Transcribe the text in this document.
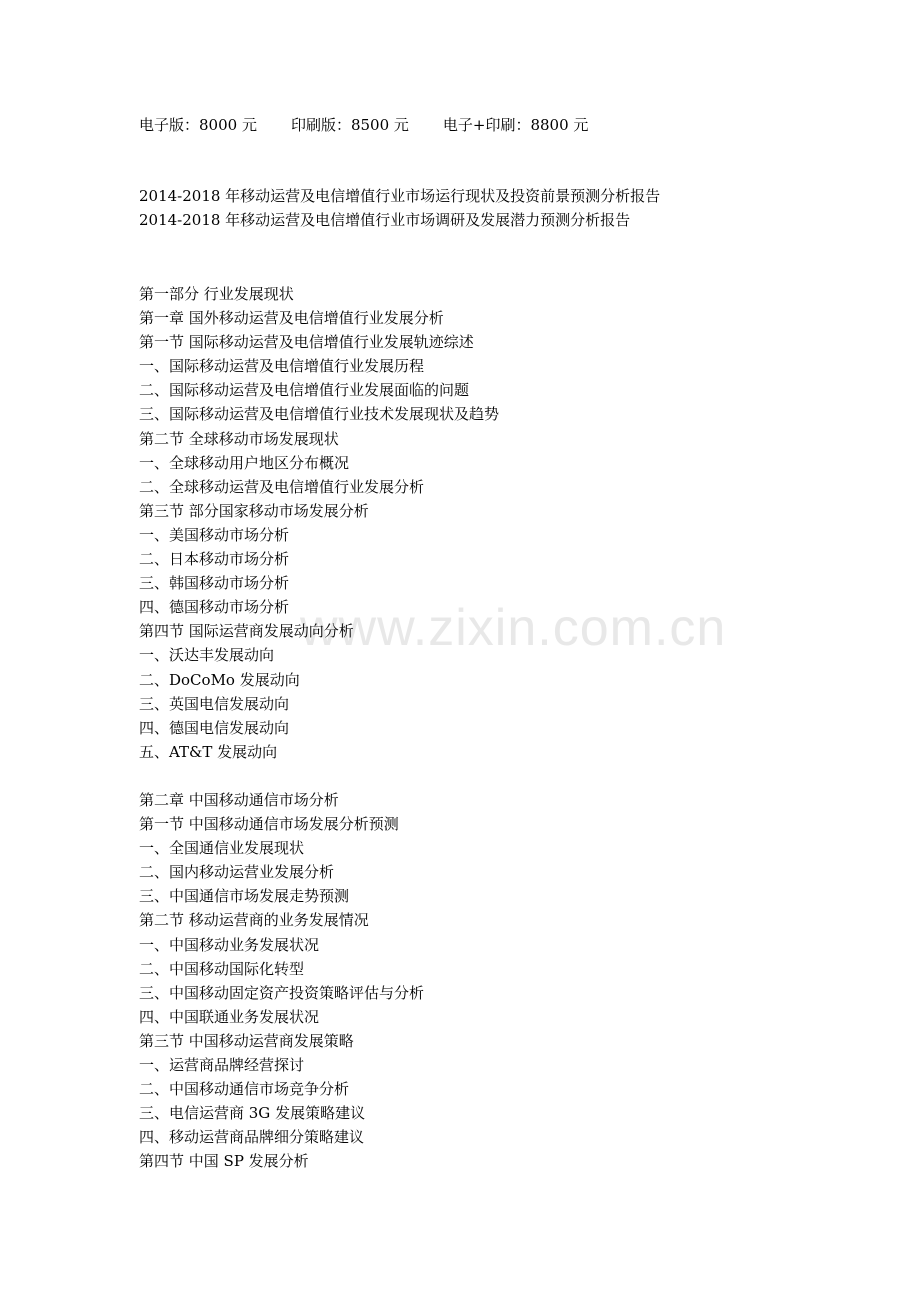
www.zixin.com.cn
电子版：8000 元 印刷版：8500 元 电子+印刷：8800 元
2014-2018 年移动运营及电信增值行业市场运行现状及投资前景预测分析报告
2014-2018 年移动运营及电信增值行业市场调研及发展潜力预测分析报告
第一部分 行业发展现状
第一章 国外移动运营及电信增值行业发展分析
第一节 国际移动运营及电信增值行业发展轨迹综述
一、国际移动运营及电信增值行业发展历程
二、国际移动运营及电信增值行业发展面临的问题
三、国际移动运营及电信增值行业技术发展现状及趋势
第二节 全球移动市场发展现状
一、全球移动用户地区分布概况
二、全球移动运营及电信增值行业发展分析
第三节 部分国家移动市场发展分析
一、美国移动市场分析
二、日本移动市场分析
三、韩国移动市场分析
四、德国移动市场分析
第四节 国际运营商发展动向分析
一、沃达丰发展动向
二、DoCoMo 发展动向
三、英国电信发展动向
四、德国电信发展动向
五、AT&T 发展动向
第二章 中国移动通信市场分析
第一节 中国移动通信市场发展分析预测
一、全国通信业发展现状
二、国内移动运营业发展分析
三、中国通信市场发展走势预测
第二节 移动运营商的业务发展情况
一、中国移动业务发展状况
二、中国移动国际化转型
三、中国移动固定资产投资策略评估与分析
四、中国联通业务发展状况
第三节 中国移动运营商发展策略
一、运营商品牌经营探讨
二、中国移动通信市场竞争分析
三、电信运营商 3G 发展策略建议
四、移动运营商品牌细分策略建议
第四节 中国 SP 发展分析
